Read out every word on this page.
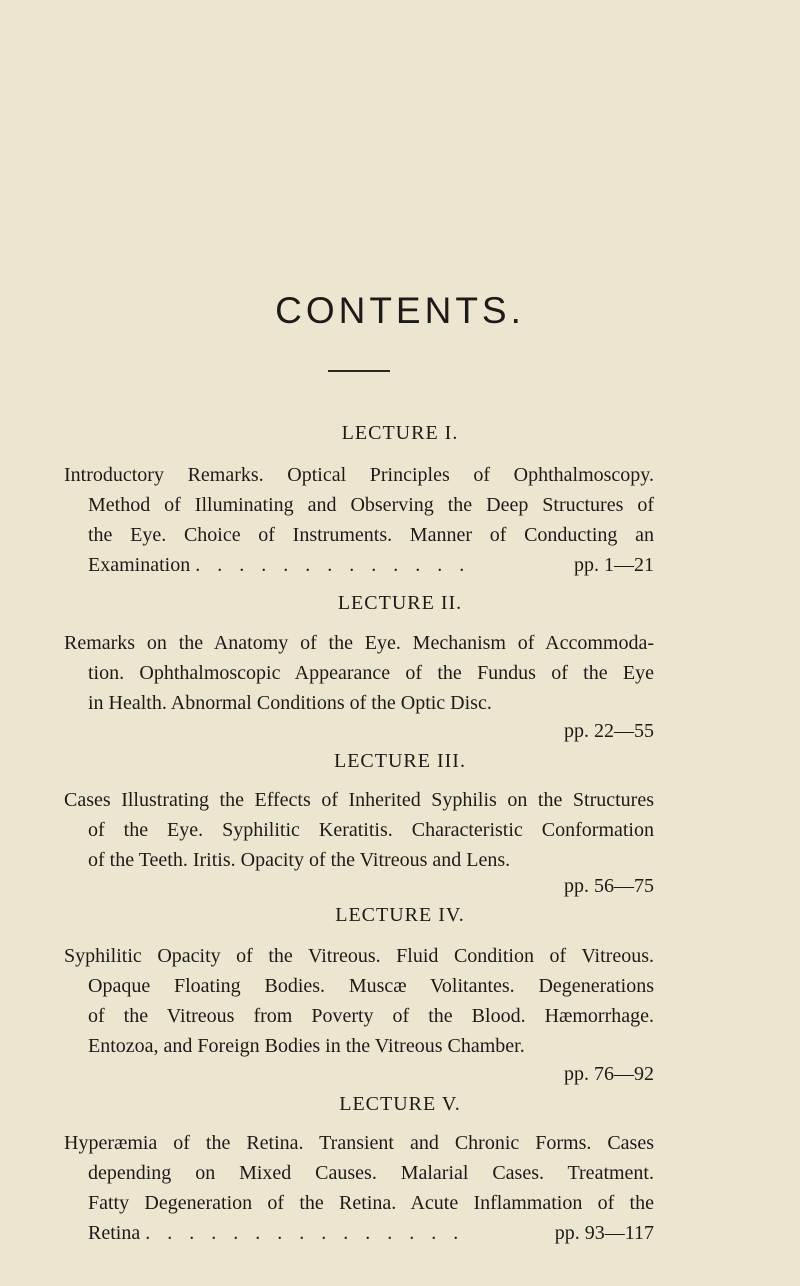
CONTENTS.
LECTURE I.
Introductory Remarks. Optical Principles of Ophthalmoscopy.
Method of Illuminating and Observing the Deep Structures of
the Eye. Choice of Instruments. Manner of Conducting an
Examination . . . . . . . . . . . . .	pp. 1—21
LECTURE II.
Remarks on the Anatomy of the Eye. Mechanism of Accommoda-
tion. Ophthalmoscopic Appearance of the Fundus of the Eye
in Health. Abnormal Conditions of the Optic Disc.
pp. 22—55
LECTURE III.
Cases Illustrating the Effects of Inherited Syphilis on the Structures
of the Eye. Syphilitic Keratitis. Characteristic Conformation
of the Teeth. Iritis. Opacity of the Vitreous and Lens.
pp. 56—75
LECTURE IV.
Syphilitic Opacity of the Vitreous. Fluid Condition of Vitreous.
Opaque Floating Bodies. Muscæ Volitantes. Degenerations
of the Vitreous from Poverty of the Blood. Hæmorrhage.
Entozoa, and Foreign Bodies in the Vitreous Chamber.
pp. 76—92
LECTURE V.
Hyperæmia of the Retina. Transient and Chronic Forms. Cases
depending on Mixed Causes. Malarial Cases. Treatment.
Fatty Degeneration of the Retina. Acute Inflammation of the
Retina . . . . . . . . . . . . . . .	pp. 93—117
